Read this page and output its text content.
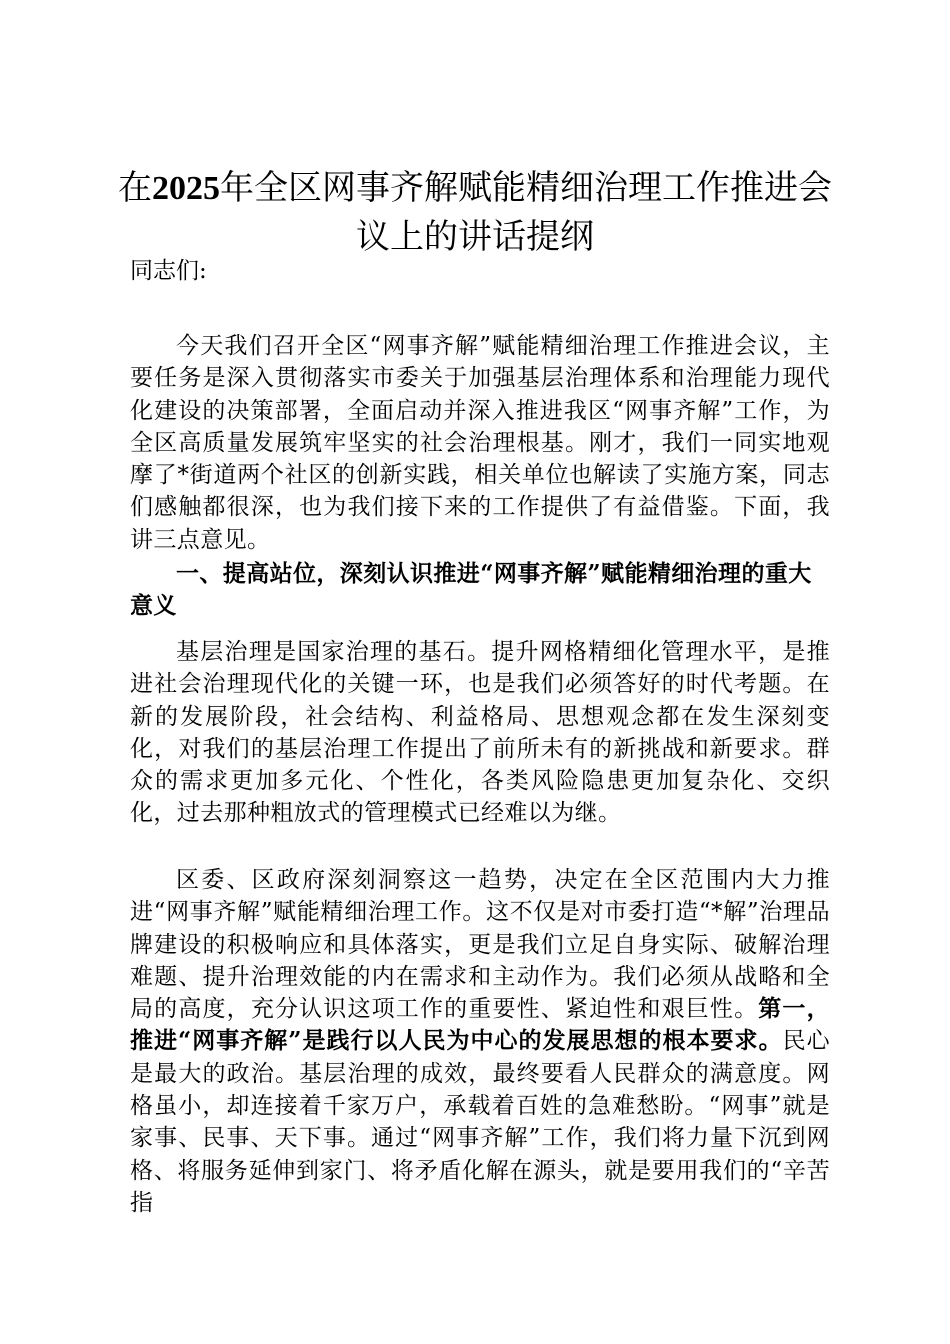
在2025年全区网事齐解赋能精细治理工作推进会议上的讲话提纲

同志们:

今天我们召开全区“网事齐解”赋能精细治理工作推进会议，主要任务是深入贯彻落实市委关于加强基层治理体系和治理能力现代化建设的决策部署，全面启动并深入推进我区“网事齐解”工作，为全区高质量发展筑牢坚实的社会治理根基。刚才，我们一同实地观摩了*街道两个社区的创新实践，相关单位也解读了实施方案，同志们感触都很深，也为我们接下来的工作提供了有益借鉴。下面，我讲三点意见。

一、提高站位，深刻认识推进“网事齐解”赋能精细治理的重大意义

基层治理是国家治理的基石。提升网格精细化管理水平，是推进社会治理现代化的关键一环，也是我们必须答好的时代考题。在新的发展阶段，社会结构、利益格局、思想观念都在发生深刻变化，对我们的基层治理工作提出了前所未有的新挑战和新要求。群众的需求更加多元化、个性化，各类风险隐患更加复杂化、交织化，过去那种粗放式的管理模式已经难以为继。

区委、区政府深刻洞察这一趋势，决定在全区范围内大力推进“网事齐解”赋能精细治理工作。这不仅是对市委打造“*解”治理品牌建设的积极响应和具体落实，更是我们立足自身实际、破解治理难题、提升治理效能的内在需求和主动作为。我们必须从战略和全局的高度，充分认识这项工作的重要性、紧迫性和艰巨性。第一，推进“网事齐解”是践行以人民为中心的发展思想的根本要求。民心是最大的政治。基层治理的成效，最终要看人民群众的满意度。网格虽小，却连接着千家万户，承载着百姓的急难愁盼。“网事”就是家事、民事、天下事。通过“网事齐解”工作，我们将力量下沉到网格、将服务延伸到家门、将矛盾化解在源头，就是要用我们的“辛苦指
